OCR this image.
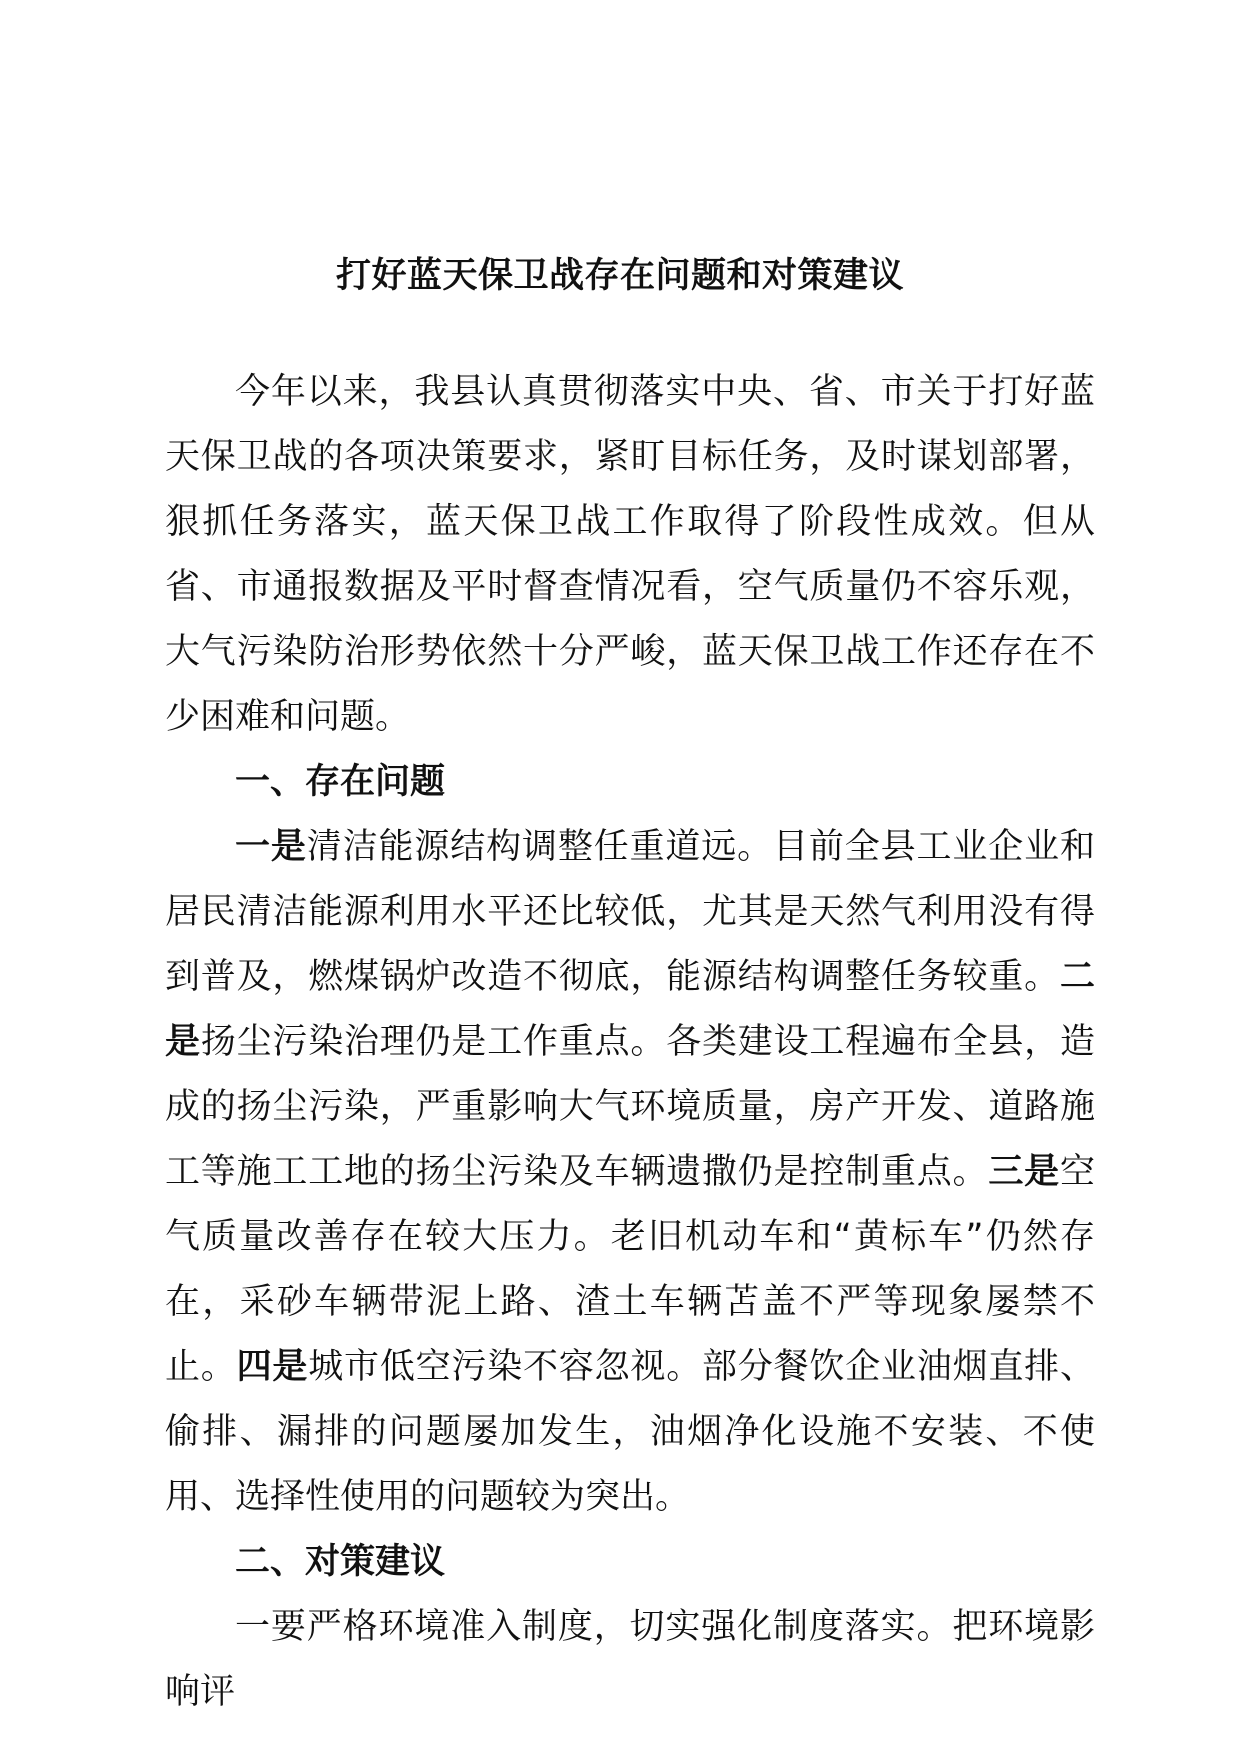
打好蓝天保卫战存在问题和对策建议

今年以来，我县认真贯彻落实中央、省、市关于打好蓝天保卫战的各项决策要求，紧盯目标任务，及时谋划部署，狠抓任务落实，蓝天保卫战工作取得了阶段性成效。但从省、市通报数据及平时督查情况看，空气质量仍不容乐观，大气污染防治形势依然十分严峻，蓝天保卫战工作还存在不少困难和问题。

一、存在问题

一是清洁能源结构调整任重道远。目前全县工业企业和居民清洁能源利用水平还比较低，尤其是天然气利用没有得到普及，燃煤锅炉改造不彻底，能源结构调整任务较重。二是扬尘污染治理仍是工作重点。各类建设工程遍布全县，造成的扬尘污染，严重影响大气环境质量，房产开发、道路施工等施工工地的扬尘污染及车辆遗撒仍是控制重点。三是空气质量改善存在较大压力。老旧机动车和“黄标车”仍然存在，采砂车辆带泥上路、渣土车辆苫盖不严等现象屡禁不止。四是城市低空污染不容忽视。部分餐饮企业油烟直排、偷排、漏排的问题屡加发生，油烟净化设施不安装、不使用、选择性使用的问题较为突出。

二、对策建议

一要严格环境准入制度，切实强化制度落实。把环境影响评
